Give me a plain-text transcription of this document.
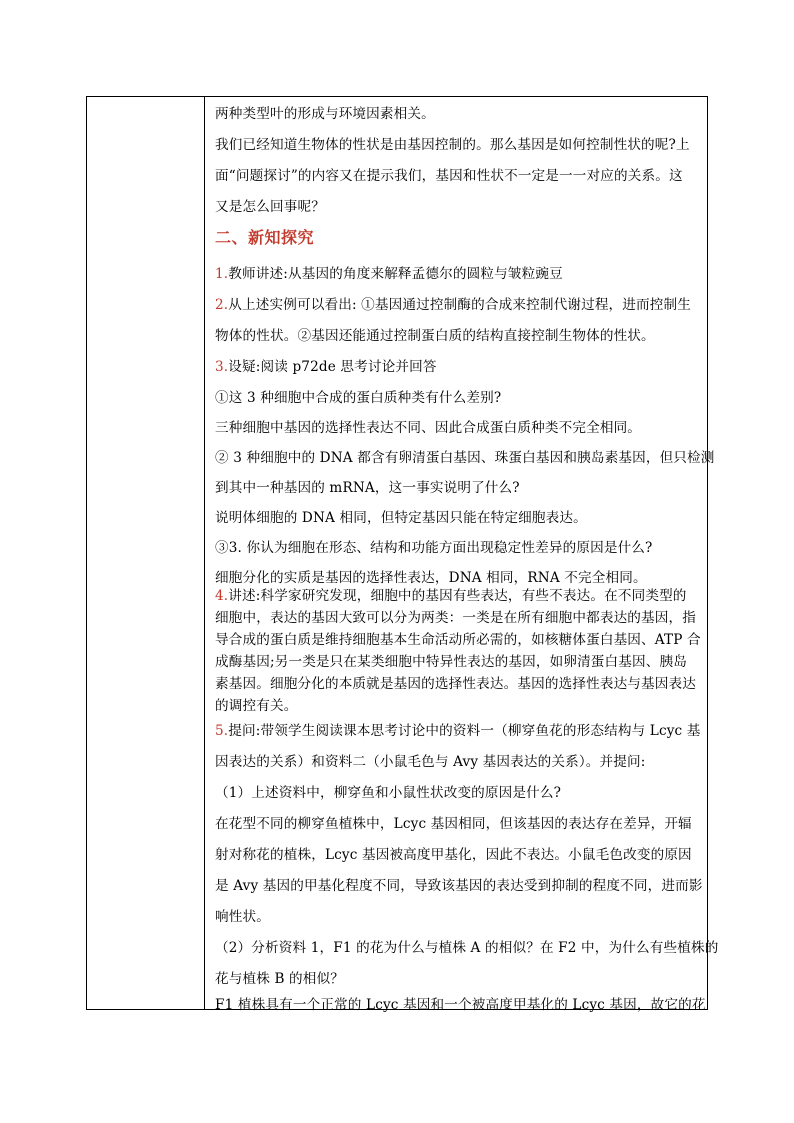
两种类型叶的形成与环境因素相关。
我们已经知道生物体的性状是由基因控制的。那么基因是如何控制性状的呢?上
面“问题探讨”的内容又在提示我们，基因和性状不一定是一一对应的关系。这
又是怎么回事呢？
二、新知探究
1.教师讲述:从基因的角度来解释孟德尔的圆粒与皱粒豌豆
2.从上述实例可以看出: ①基因通过控制酶的合成来控制代谢过程，进而控制生
物体的性状。②基因还能通过控制蛋白质的结构直接控制生物体的性状。
3.设疑:阅读 p72de 思考讨论并回答
①这 3 种细胞中合成的蛋白质种类有什么差别?
三种细胞中基因的选择性表达不同、因此合成蛋白质种类不完全相同。
② 3 种细胞中的 DNA 都含有卵清蛋白基因、珠蛋白基因和胰岛素基因，但只检测
到其中一种基因的 mRNA，这一事实说明了什么?
说明体细胞的 DNA 相同，但特定基因只能在特定细胞表达。
③3. 你认为细胞在形态、结构和功能方面出现稳定性差异的原因是什么?
细胞分化的实质是基因的选择性表达，DNA 相同，RNA 不完全相同。
4.讲述:科学家研究发现，细胞中的基因有些表达，有些不表达。在不同类型的
细胞中，表达的基因大致可以分为两类：一类是在所有细胞中都表达的基因，指
导合成的蛋白质是维持细胞基本生命活动所必需的，如核糖体蛋白基因、ATP 合
成酶基因;另一类是只在某类细胞中特异性表达的基因，如卵清蛋白基因、胰岛
素基因。细胞分化的本质就是基因的选择性表达。基因的选择性表达与基因表达
的调控有关。
5.提问:带领学生阅读课本思考讨论中的资料一（柳穿鱼花的形态结构与 Lcyc 基
因表达的关系）和资料二（小鼠毛色与 Avy 基因表达的关系）。并提问:
（1）上述资料中，柳穿鱼和小鼠性状改变的原因是什么?
在花型不同的柳穿鱼植株中，Lcyc 基因相同，但该基因的表达存在差异，开辐
射对称花的植株，Lcyc 基因被高度甲基化，因此不表达。小鼠毛色改变的原因
是 Avy 基因的甲基化程度不同，导致该基因的表达受到抑制的程度不同，进而影
响性状。
（2）分析资料 1，F1 的花为什么与植株 A 的相似？在 F2 中，为什么有些植株的
花与植株 B 的相似？
F1 植株具有一个正常的 Lcyc 基因和一个被高度甲基化的 Lcyc 基因，故它的花
